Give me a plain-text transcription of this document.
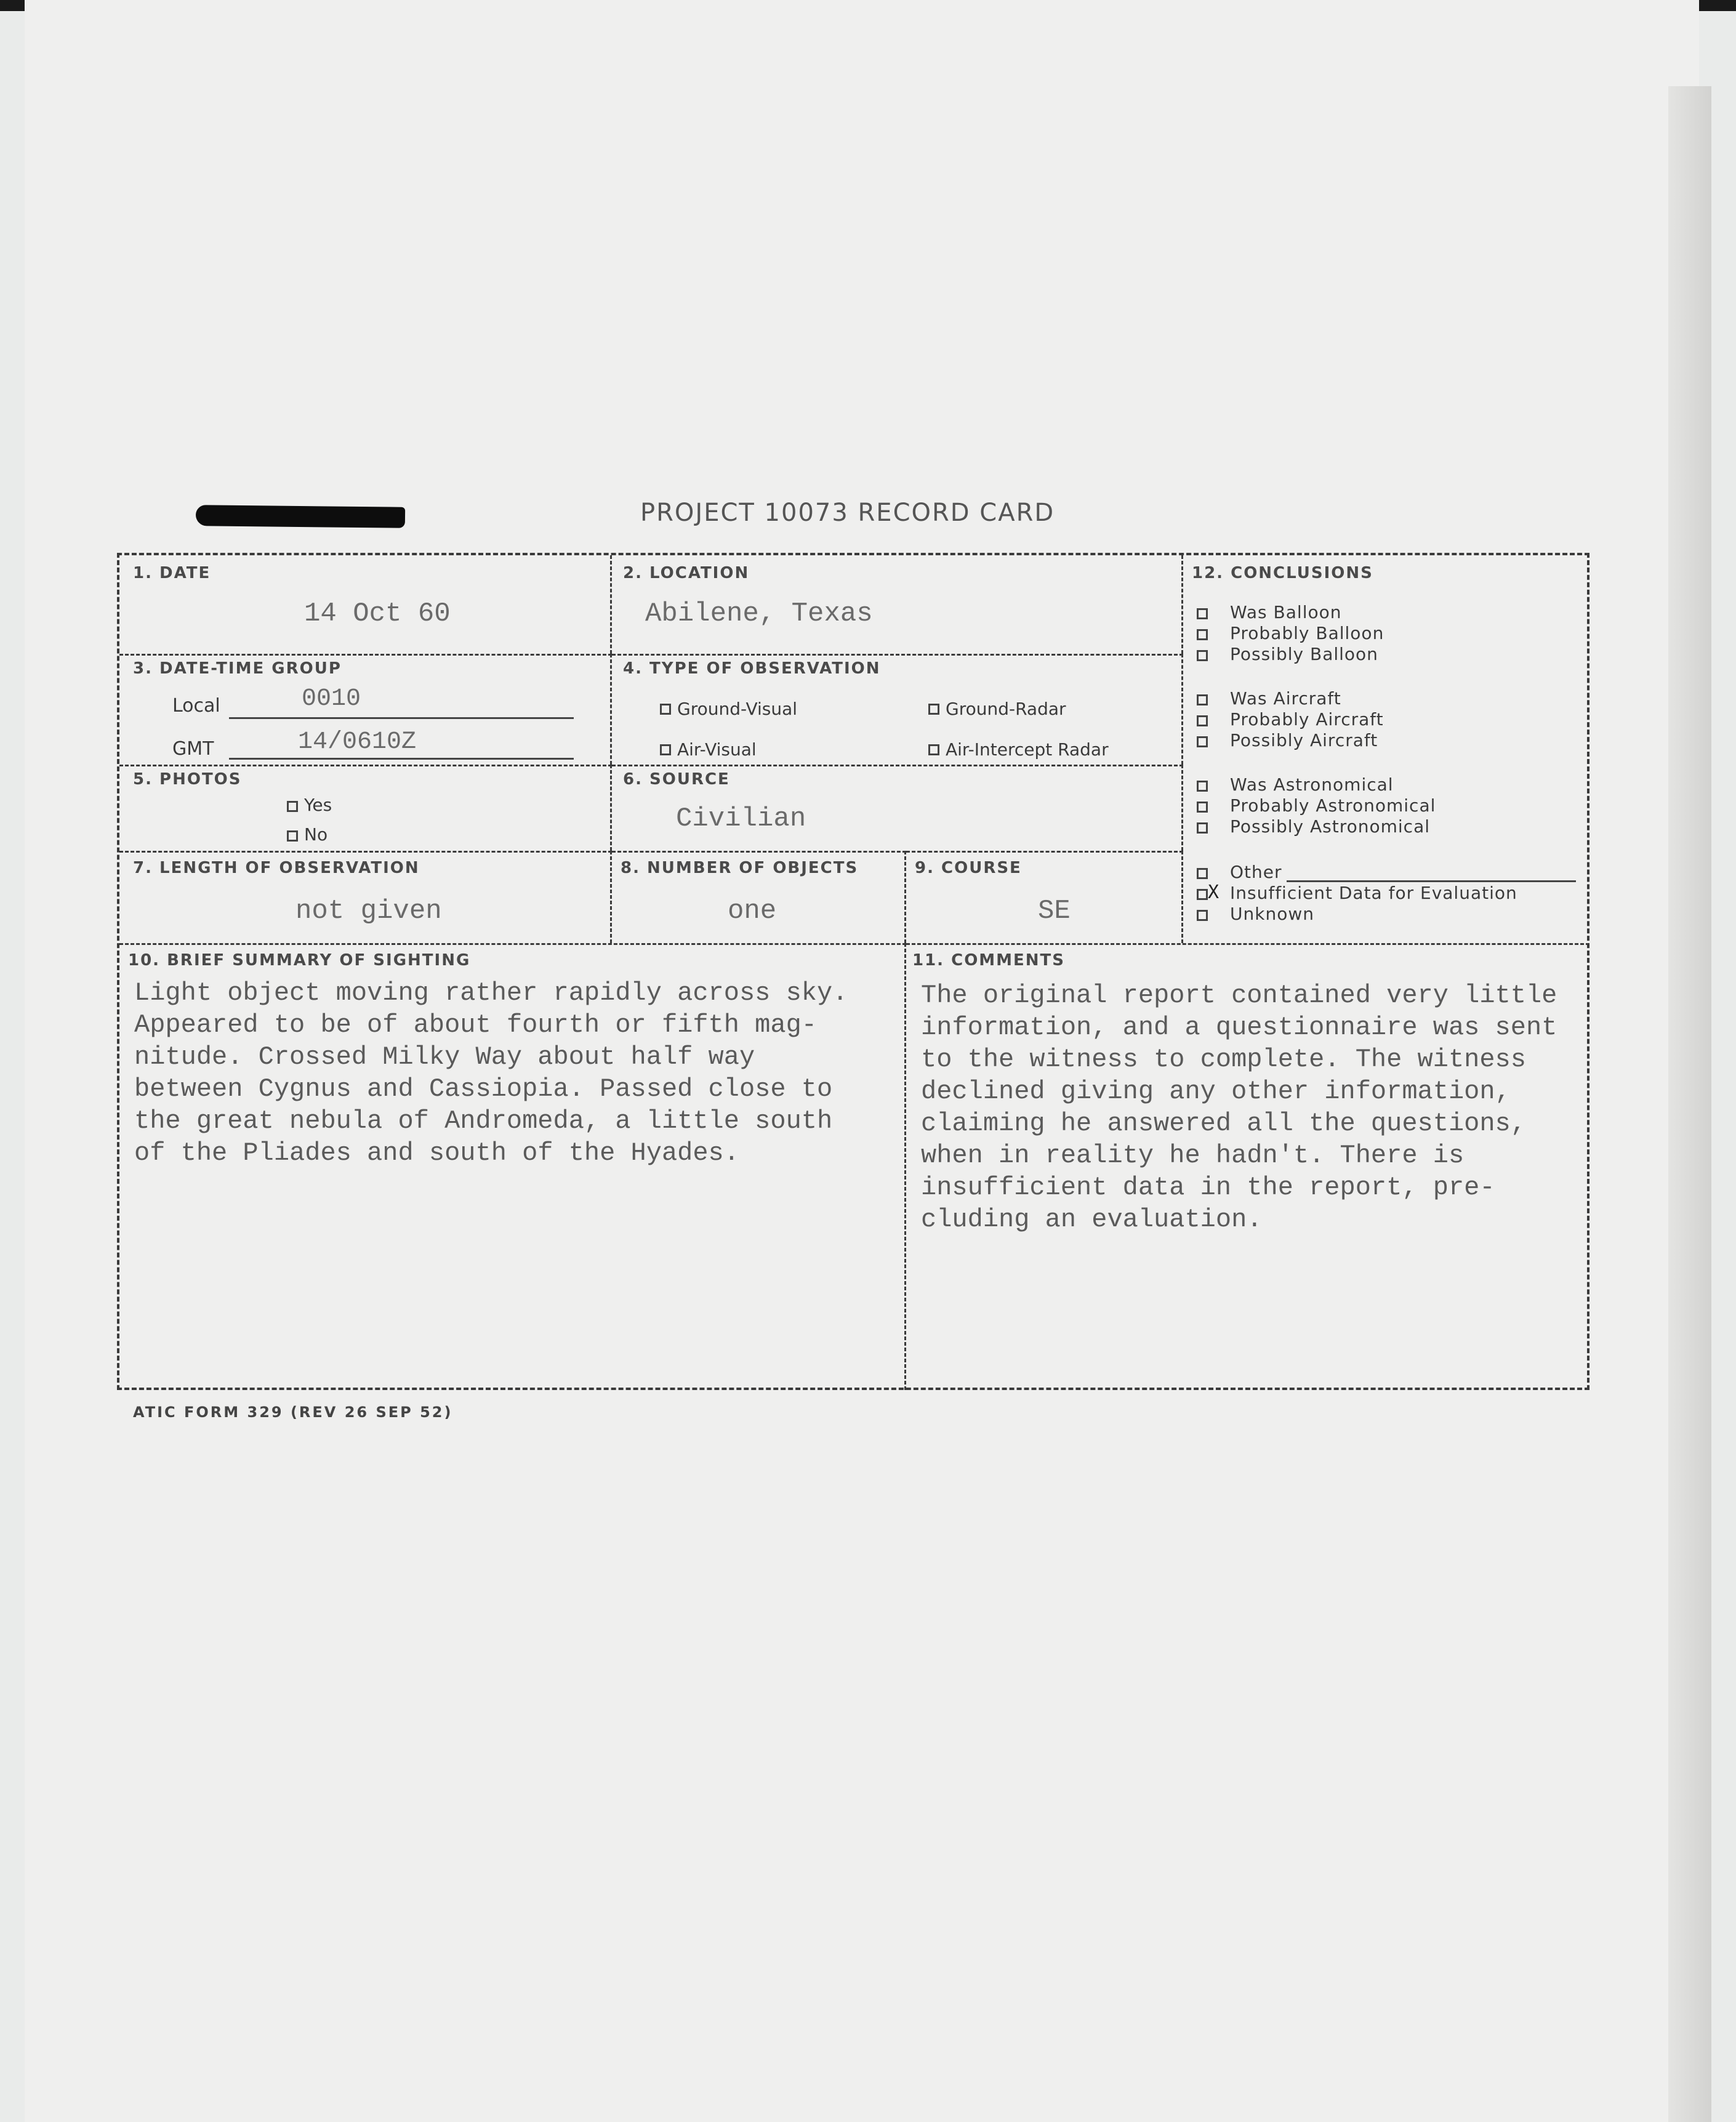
PROJECT 10073 RECORD CARD
1. DATE
14 Oct 60
2. LOCATION
Abilene, Texas
3. DATE-TIME GROUP
Local	0010
GMT	14/0610Z
4. TYPE OF OBSERVATION
Ground-Visual	Ground-Radar
Air-Visual	Air-Intercept Radar
5. PHOTOS
Yes
No
6. SOURCE
Civilian
7. LENGTH OF OBSERVATION
not given
8. NUMBER OF OBJECTS
one
9. COURSE
SE
10. BRIEF SUMMARY OF SIGHTING
Light object moving rather rapidly across sky.
Appeared to be of about fourth or fifth mag-
nitude. Crossed Milky Way about half way
between Cygnus and Cassiopia. Passed close to
the great nebula of Andromeda, a little south
of the Pliades and south of the Hyades.
11. COMMENTS
The original report contained very little
information, and a questionnaire was sent
to the witness to complete. The witness
declined giving any other information,
claiming he answered all the questions,
when in reality he hadn't. There is
insufficient data in the report, pre-
cluding an evaluation.
12. CONCLUSIONS
Was Balloon
Probably Balloon
Possibly Balloon
Was Aircraft
Probably Aircraft
Possibly Aircraft
Was Astronomical
Probably Astronomical
Possibly Astronomical
Other
X Insufficient Data for Evaluation
Unknown
ATIC FORM 329 (REV 26 SEP 52)
